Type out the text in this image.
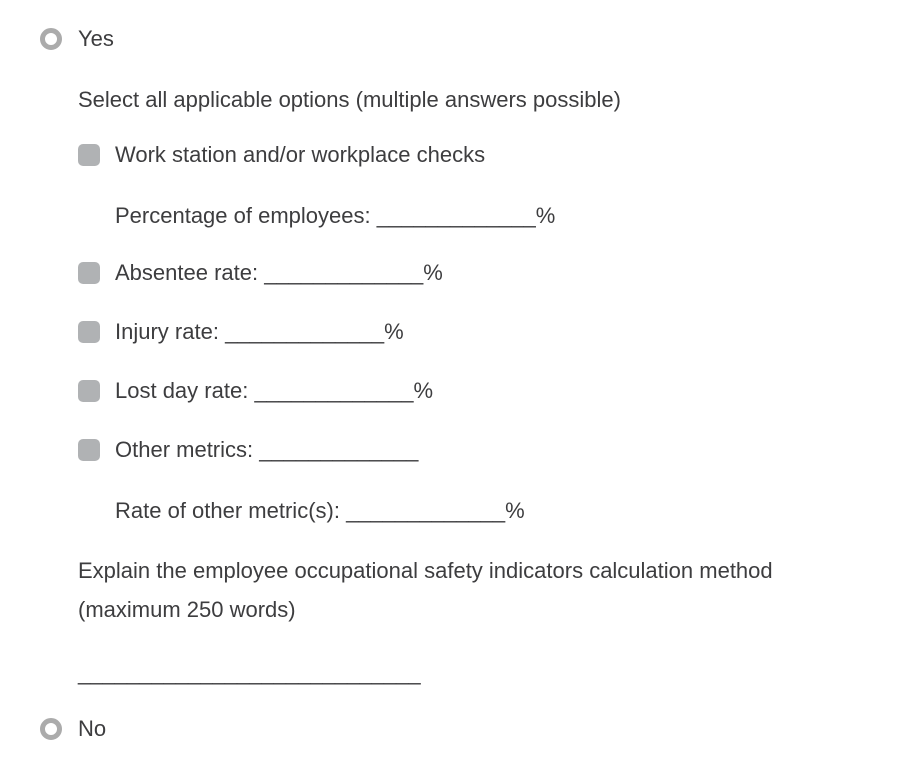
Yes
Select all applicable options (multiple answers possible)
Work station and/or workplace checks
Percentage of employees:
_____________ %
Absentee rate:
_____________ %
Injury rate:
_____________ %
Lost day rate:
_____________ %
Other metrics:
_____________
Rate of other metric(s):
_____________ %
Explain the employee occupational safety indicators calculation method
(maximum 250 words)
____________________________
No
